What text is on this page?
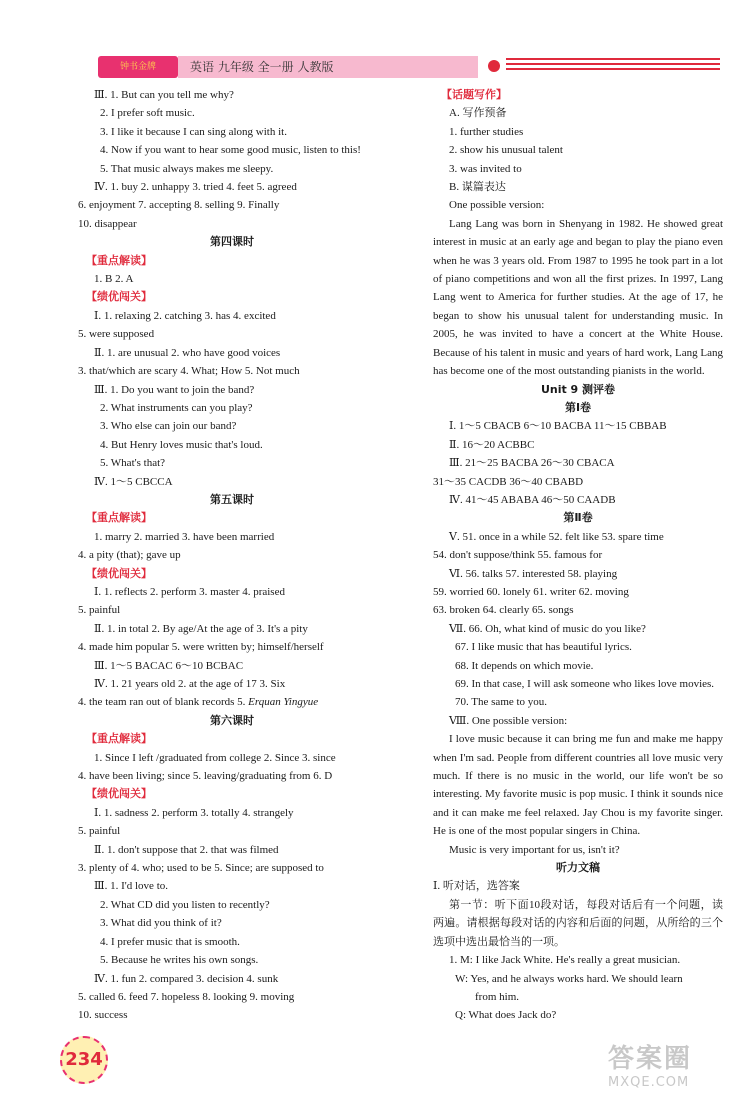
钟书金牌	英语 九年级 全一册 人教版
Ⅲ. 1. But can you tell me why?
2. I prefer soft music.
3. I like it because I can sing along with it.
4. Now if you want to hear some good music, listen to this!
5. That music always makes me sleepy.
Ⅳ. 1. buy 2. unhappy 3. tried 4. feet 5. agreed
6. enjoyment 7. accepting 8. selling 9. Finally
10. disappear
第四课时
【重点解读】
1. B 2. A
【绩优闯关】
Ⅰ. 1. relaxing 2. catching 3. has 4. excited
5. were supposed
Ⅱ. 1. are unusual 2. who have good voices
3. that/which are scary 4. What; How 5. Not much
Ⅲ. 1. Do you want to join the band?
2. What instruments can you play?
3. Who else can join our band?
4. But Henry loves music that's loud.
5. What's that?
Ⅳ. 1～5 CBCCA
第五课时
【重点解读】
1. marry 2. married 3. have been married
4. a pity (that); gave up
【绩优闯关】
Ⅰ. 1. reflects 2. perform 3. master 4. praised
5. painful
Ⅱ. 1. in total 2. By age/At the age of 3. It's a pity
4. made him popular 5. were written by; himself/herself
Ⅲ. 1～5 BACAC 6～10 BCBAC
Ⅳ. 1. 21 years old 2. at the age of 17 3. Six
4. the team ran out of blank records 5. Erquan Yingyue
第六课时
【重点解读】
1. Since I left /graduated from college 2. Since 3. since
4. have been living; since 5. leaving/graduating from 6. D
【绩优闯关】
Ⅰ. 1. sadness 2. perform 3. totally 4. strangely
5. painful
Ⅱ. 1. don't suppose that 2. that was filmed
3. plenty of 4. who; used to be 5. Since; are supposed to
Ⅲ. 1. I'd love to.
2. What CD did you listen to recently?
3. What did you think of it?
4. I prefer music that is smooth.
5. Because he writes his own songs.
Ⅳ. 1. fun 2. compared 3. decision 4. sunk
5. called 6. feed 7. hopeless 8. looking 9. moving
10. success
【话题写作】
A. 写作预备
1. further studies
2. show his unusual talent
3. was invited to
B. 谋篇表达
One possible version:
Lang Lang was born in Shenyang in 1982. He showed great interest in music at an early age and began to play the piano even when he was 3 years old. From 1987 to 1995 he took part in a lot of piano competitions and won all the first prizes. In 1997, Lang Lang went to America for further studies. At the age of 17, he began to show his unusual talent for understanding music. In 2005, he was invited to have a concert at the White House. Because of his talent in music and years of hard work, Lang Lang has become one of the most outstanding pianists in the world.
Unit 9 测评卷
第Ⅰ卷
Ⅰ. 1～5 CBACB 6～10 BACBA 11～15 CBBAB
Ⅱ. 16～20 ACBBC
Ⅲ. 21～25 BACBA 26～30 CBACA
31～35 CACDB 36～40 CBABD
Ⅳ. 41～45 ABABA 46～50 CAADB
第Ⅱ卷
Ⅴ. 51. once in a while 52. felt like 53. spare time
54. don't suppose/think 55. famous for
Ⅵ. 56. talks 57. interested 58. playing
59. worried 60. lonely 61. writer 62. moving
63. broken 64. clearly 65. songs
Ⅶ. 66. Oh, what kind of music do you like?
67. I like music that has beautiful lyrics.
68. It depends on which movie.
69. In that case, I will ask someone who likes love movies.
70. The same to you.
Ⅷ. One possible version:
I love music because it can bring me fun and make me happy when I'm sad. People from different countries all love music very much. If there is no music in the world, our life won't be so interesting. My favorite music is pop music. I think it sounds nice and it can make me feel relaxed. Jay Chou is my favorite singer. He is one of the most popular singers in China.
Music is very important for us, isn't it?
听力文稿
Ⅰ. 听对话，选答案
第一节：听下面10段对话，每段对话后有一个问题，读两遍。请根据每段对话的内容和后面的问题，从所给的三个选项中选出最恰当的一项。
1. M: I like Jack White. He's really a great musician.
W: Yes, and he always works hard. We should learn
from him.
Q: What does Jack do?
234	答案圈
MXQE.COM
